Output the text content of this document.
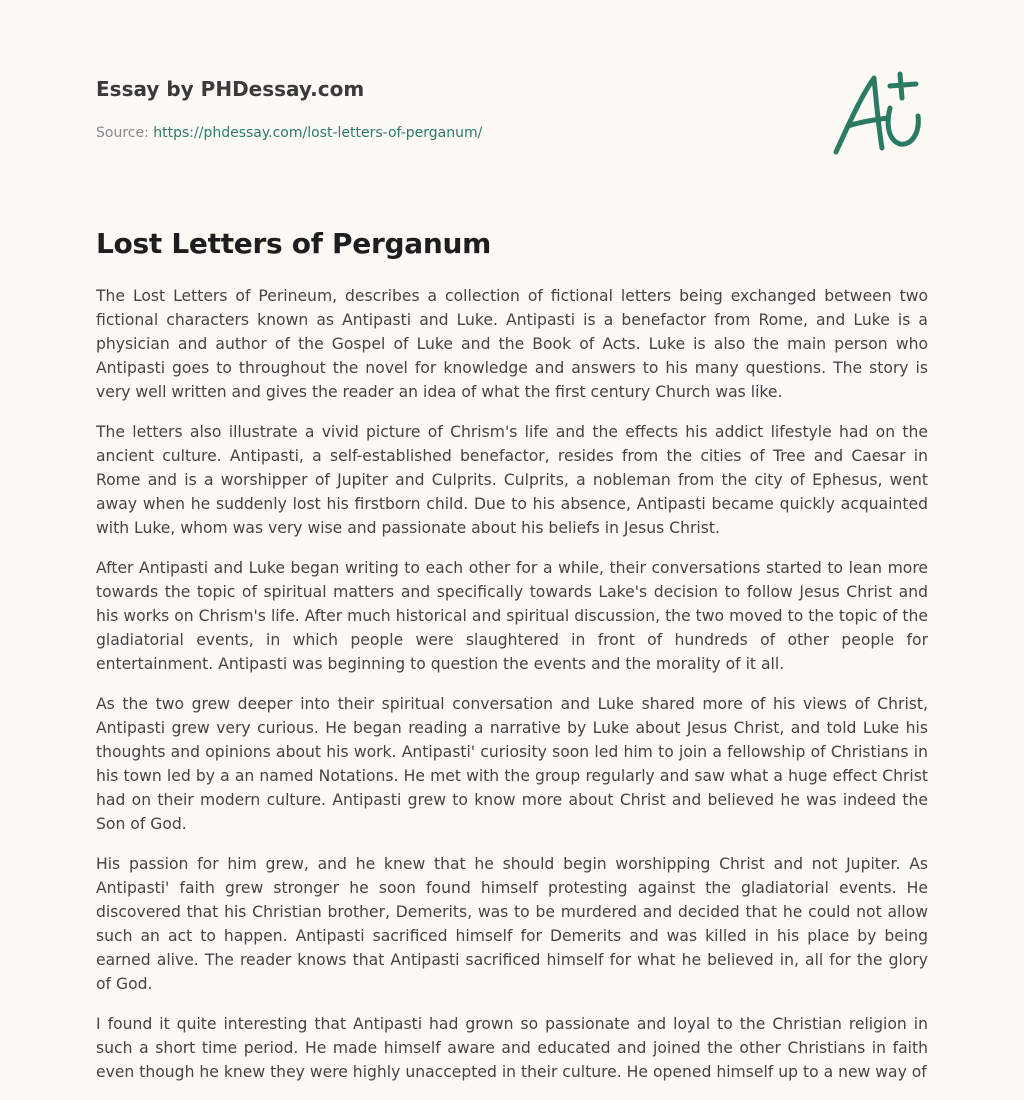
Essay by PHDessay.com
Source: https://phdessay.com/lost-letters-of-perganum/
Lost Letters of Perganum

The Lost Letters of Perineum, describes a collection of fictional letters being exchanged between two fictional characters known as Antipasti and Luke. Antipasti is a benefactor from Rome, and Luke is a physician and author of the Gospel of Luke and the Book of Acts. Luke is also the main person who Antipasti goes to throughout the novel for knowledge and answers to his many questions. The story is very well written and gives the reader an idea of what the first century Church was like.

The letters also illustrate a vivid picture of Chrism's life and the effects his addict lifestyle had on the ancient culture. Antipasti, a self-established benefactor, resides from the cities of Tree and Caesar in Rome and is a worshipper of Jupiter and Culprits. Culprits, a nobleman from the city of Ephesus, went away when he suddenly lost his firstborn child. Due to his absence, Antipasti became quickly acquainted with Luke, whom was very wise and passionate about his beliefs in Jesus Christ.

After Antipasti and Luke began writing to each other for a while, their conversations started to lean more towards the topic of spiritual matters and specifically towards Lake's decision to follow Jesus Christ and his works on Chrism's life. After much historical and spiritual discussion, the two moved to the topic of the gladiatorial events, in which people were slaughtered in front of hundreds of other people for entertainment. Antipasti was beginning to question the events and the morality of it all.

As the two grew deeper into their spiritual conversation and Luke shared more of his views of Christ, Antipasti grew very curious. He began reading a narrative by Luke about Jesus Christ, and told Luke his thoughts and opinions about his work. Antipasti' curiosity soon led him to join a fellowship of Christians in his town led by a an named Notations. He met with the group regularly and saw what a huge effect Christ had on their modern culture. Antipasti grew to know more about Christ and believed he was indeed the Son of God.

His passion for him grew, and he knew that he should begin worshipping Christ and not Jupiter. As Antipasti' faith grew stronger he soon found himself protesting against the gladiatorial events. He discovered that his Christian brother, Demerits, was to be murdered and decided that he could not allow such an act to happen. Antipasti sacrificed himself for Demerits and was killed in his place by being earned alive. The reader knows that Antipasti sacrificed himself for what he believed in, all for the glory of God.

I found it quite interesting that Antipasti had grown so passionate and loyal to the Christian religion in such a short time period. He made himself aware and educated and joined the other Christians in faith even though he knew they were highly unaccepted in their culture. He opened himself up to a new way of
